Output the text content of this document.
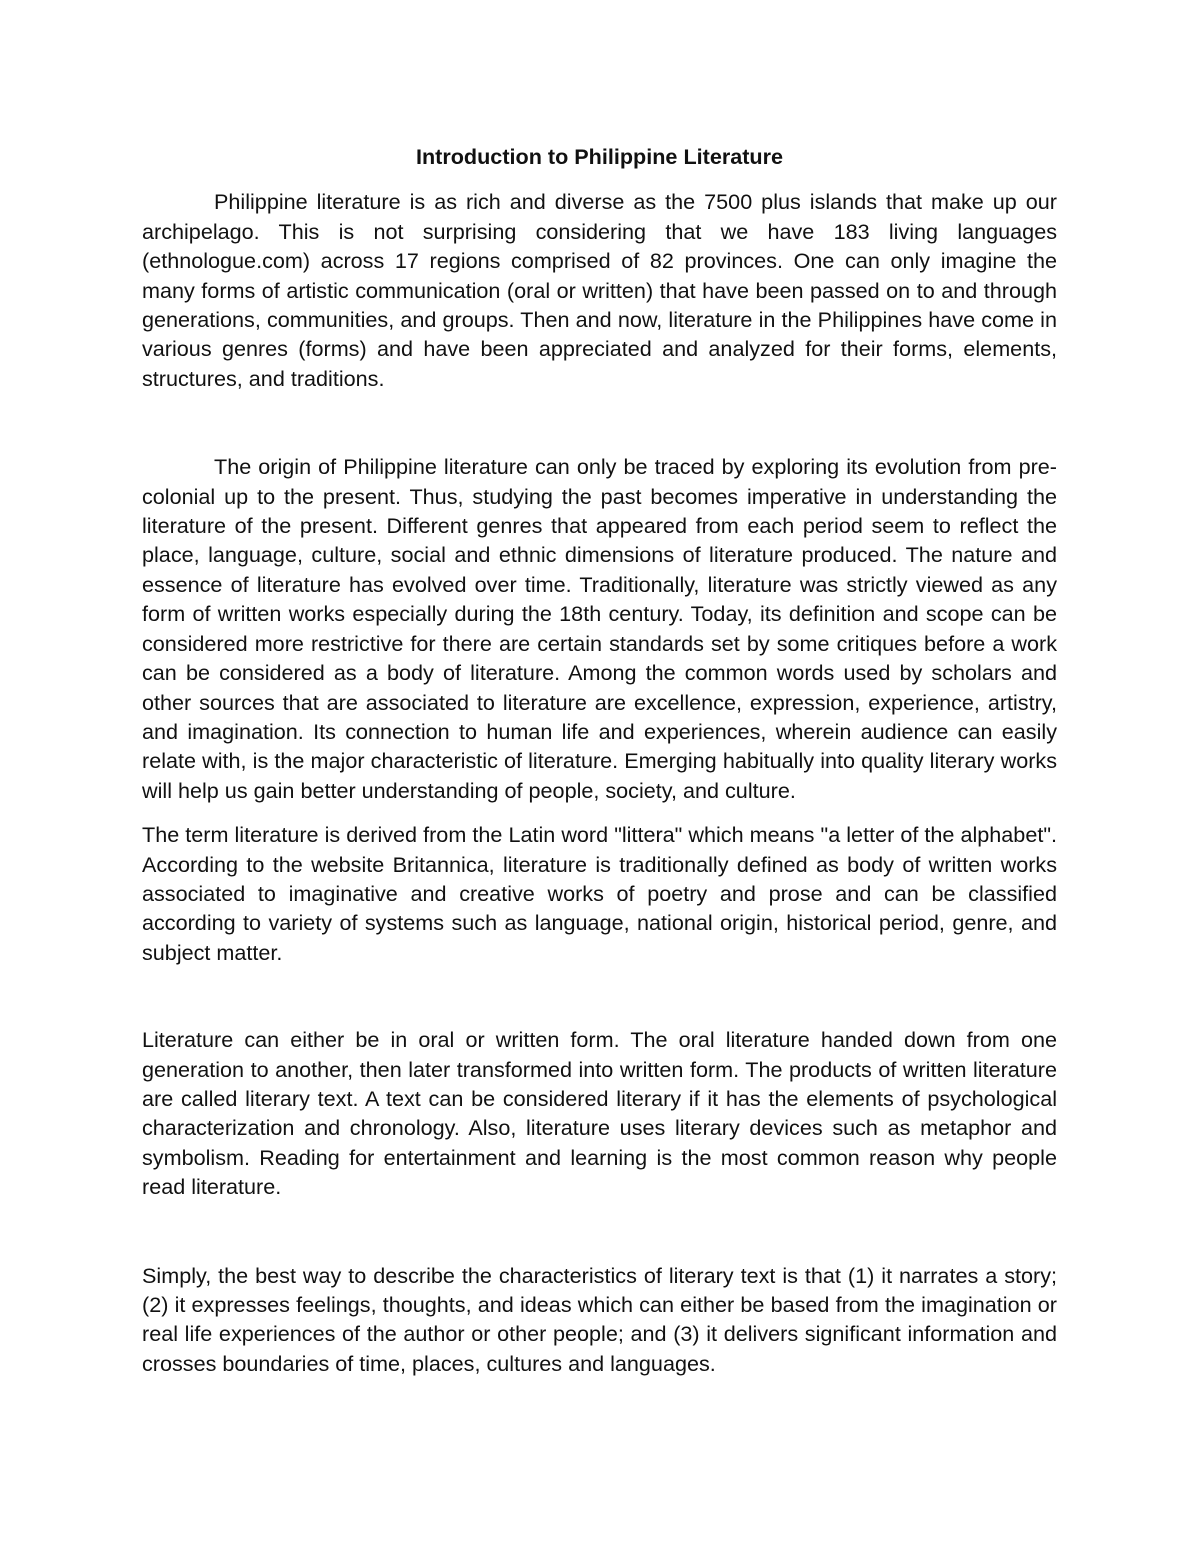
Introduction to Philippine Literature

Philippine literature is as rich and diverse as the 7500 plus islands that make up our archipelago. This is not surprising considering that we have 183 living languages (ethnologue.com) across 17 regions comprised of 82 provinces. One can only imagine the many forms of artistic communication (oral or written) that have been passed on to and through generations, communities, and groups. Then and now, literature in the Philippines have come in various genres (forms) and have been appreciated and analyzed for their forms, elements, structures, and traditions.

The origin of Philippine literature can only be traced by exploring its evolution from pre-colonial up to the present. Thus, studying the past becomes imperative in understanding the literature of the present. Different genres that appeared from each period seem to reflect the place, language, culture, social and ethnic dimensions of literature produced. The nature and essence of literature has evolved over time. Traditionally, literature was strictly viewed as any form of written works especially during the 18th century. Today, its definition and scope can be considered more restrictive for there are certain standards set by some critiques before a work can be considered as a body of literature. Among the common words used by scholars and other sources that are associated to literature are excellence, expression, experience, artistry, and imagination. Its connection to human life and experiences, wherein audience can easily relate with, is the major characteristic of literature. Emerging habitually into quality literary works will help us gain better understanding of people, society, and culture.

The term literature is derived from the Latin word "littera" which means "a letter of the alphabet". According to the website Britannica, literature is traditionally defined as body of written works associated to imaginative and creative works of poetry and prose and can be classified according to variety of systems such as language, national origin, historical period, genre, and subject matter.

Literature can either be in oral or written form. The oral literature handed down from one generation to another, then later transformed into written form. The products of written literature are called literary text. A text can be considered literary if it has the elements of psychological characterization and chronology. Also, literature uses literary devices such as metaphor and symbolism. Reading for entertainment and learning is the most common reason why people read literature.

Simply, the best way to describe the characteristics of literary text is that (1) it narrates a story; (2) it expresses feelings, thoughts, and ideas which can either be based from the imagination or real life experiences of the author or other people; and (3) it delivers significant information and crosses boundaries of time, places, cultures and languages.
